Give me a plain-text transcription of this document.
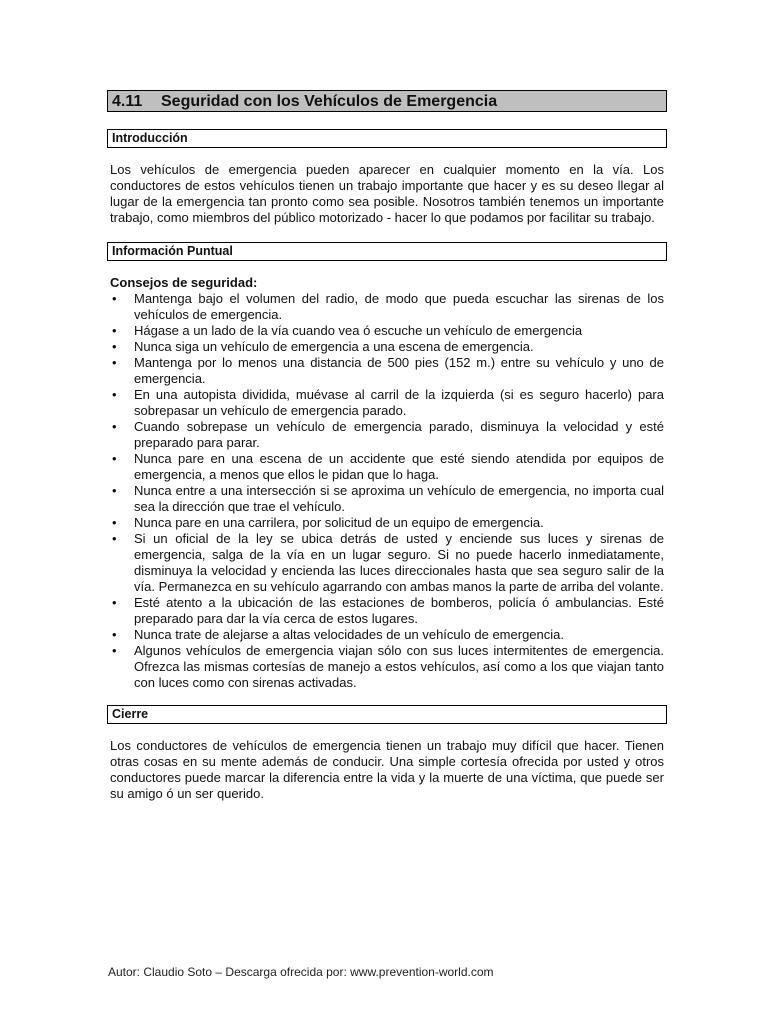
4.11 Seguridad con los Vehículos de Emergencia
Introducción

Los vehículos de emergencia pueden aparecer en cualquier momento en la vía. Los conductores de estos vehículos tienen un trabajo importante que hacer y es su deseo llegar al lugar de la emergencia tan pronto como sea posible. Nosotros también tenemos un importante trabajo, como miembros del público motorizado - hacer lo que podamos por facilitar su trabajo.

Información Puntual
Consejos de seguridad:
• Mantenga bajo el volumen del radio, de modo que pueda escuchar las sirenas de los vehículos de emergencia.
• Hágase a un lado de la vía cuando vea ó escuche un vehículo de emergencia
• Nunca siga un vehículo de emergencia a una escena de emergencia.
• Mantenga por lo menos una distancia de 500 pies (152 m.) entre su vehículo y uno de emergencia.
• En una autopista dividida, muévase al carril de la izquierda (si es seguro hacerlo) para sobrepasar un vehículo de emergencia parado.
• Cuando sobrepase un vehículo de emergencia parado, disminuya la velocidad y esté preparado para parar.
• Nunca pare en una escena de un accidente que esté siendo atendida por equipos de emergencia, a menos que ellos le pidan que lo haga.
• Nunca entre a una intersección si se aproxima un vehículo de emergencia, no importa cual sea la dirección que trae el vehículo.
• Nunca pare en una carrilera, por solicitud de un equipo de emergencia.
• Si un oficial de la ley se ubica detrás de usted y enciende sus luces y sirenas de emergencia, salga de la vía en un lugar seguro. Si no puede hacerlo inmediatamente, disminuya la velocidad y encienda las luces direccionales hasta que sea seguro salir de la vía. Permanezca en su vehículo agarrando con ambas manos la parte de arriba del volante.
• Esté atento a la ubicación de las estaciones de bomberos, policía ó ambulancias. Esté preparado para dar la vía cerca de estos lugares.
• Nunca trate de alejarse a altas velocidades de un vehículo de emergencia.
• Algunos vehículos de emergencia viajan sólo con sus luces intermitentes de emergencia. Ofrezca las mismas cortesías de manejo a estos vehículos, así como a los que viajan tanto con luces como con sirenas activadas.
Cierre

Los conductores de vehículos de emergencia tienen un trabajo muy difícil que hacer. Tienen otras cosas en su mente además de conducir. Una simple cortesía ofrecida por usted y otros conductores puede marcar la diferencia entre la vida y la muerte de una víctima, que puede ser su amigo ó un ser querido.

Autor: Claudio Soto – Descarga ofrecida por: www.prevention-world.com
